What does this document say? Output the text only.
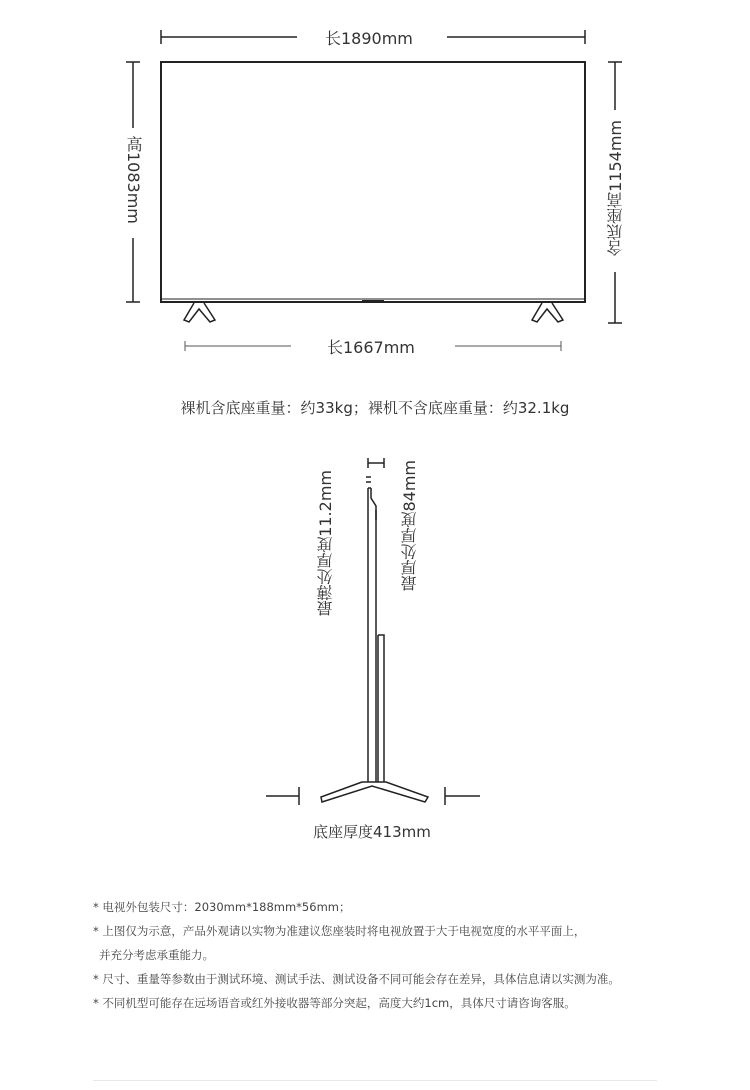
长1890mm
高1083mm	含底座高1154mm
长1667mm
裸机含底座重量：约33kg；裸机不含底座重量：约32.1kg
最薄处厚度11.2mm	最厚处厚度84mm
底座厚度413mm
* 电视外包装尺寸：2030mm*188mm*56mm；
* 上图仅为示意，产品外观请以实物为准建议您座装时将电视放置于大于电视宽度的水平平面上，
并充分考虑承重能力。
* 尺寸、重量等参数由于测试环境、测试手法、测试设备不同可能会存在差异，具体信息请以实测为准。
* 不同机型可能存在远场语音或红外接收器等部分突起，高度大约1cm，具体尺寸请咨询客服。
